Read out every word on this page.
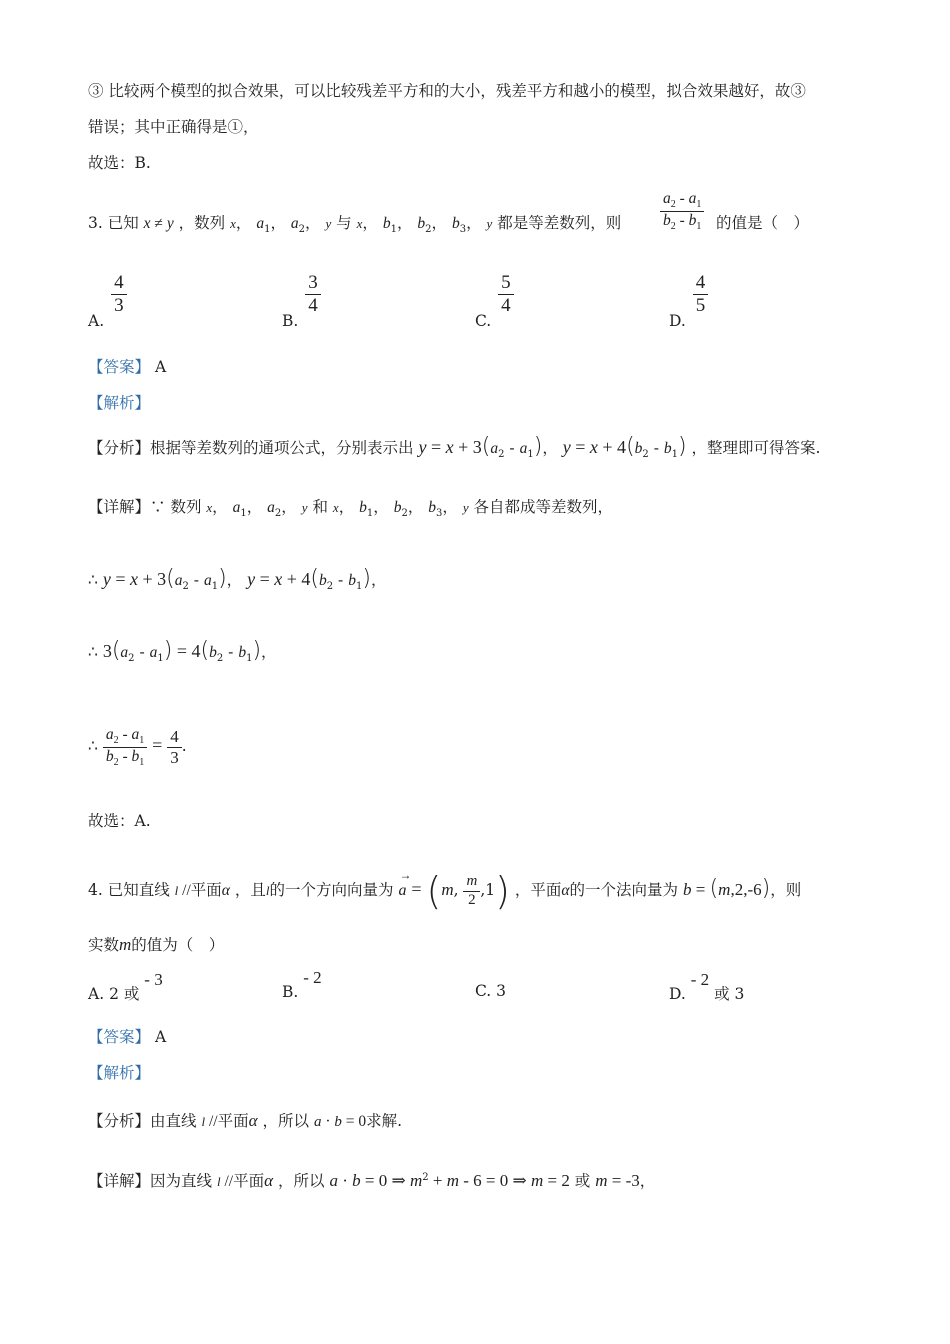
③ 比较两个模型的拟合效果，可以比较残差平方和的大小，残差平方和越小的模型，拟合效果越好，故③
错误；其中正确得是①，
故选：B.
3. 已知 x ≠ y ，数列 x， $a_1$， $a_2$， y 与 x， $b_1$， $b_2$， $b_3$， y 都是等差数列，则	$\frac{a_2 - a_1}{b_2 - b_1}$ 的值是（　）
A.
$\frac{4}{3}$
B.
$\frac{3}{4}$
C.
$\frac{5}{4}$
D.
$\frac{4}{5}$
【答案】 A
【解析】
【分析】根据等差数列的通项公式，分别表示出 $y = x + 3(a_2 - a_1)$， $y = x + 4(b_2 - b_1)$ ，整理即可得答案.
【详解】∵ 数列 x， $a_1$， $a_2$， y 和 x， $b_1$， $b_2$， $b_3$， y 各自都成等差数列，
∴ $y = x + 3(a_2 - a_1)$， $y = x + 4(b_2 - b_1)$，
∴ $3(a_2 - a_1) = 4(b_2 - b_1)$，
∴ $\frac{a_2 - a_1}{b_2 - b_1} = \frac{4}{3}$ .
故选：A.
4. 已知直线 l //平面α ，且l的一个方向向量为
→
a = (m, $\frac{m}{2} ,1$) ，平面α的一个法向量为 b = (m,2,-6)，则
实数m的值为（　）
A. 2 或 - 3
B. - 2
C. 3	D. - 2 或 3
【答案】 A
【解析】
【分析】由直线 l //平面α ，所以 a · b = 0求解.
【详解】因为直线 l //平面α ，所以 a · b = 0 ⇒ $m^2 + m - 6 = 0$ ⇒ m = 2 或 m = -3，
